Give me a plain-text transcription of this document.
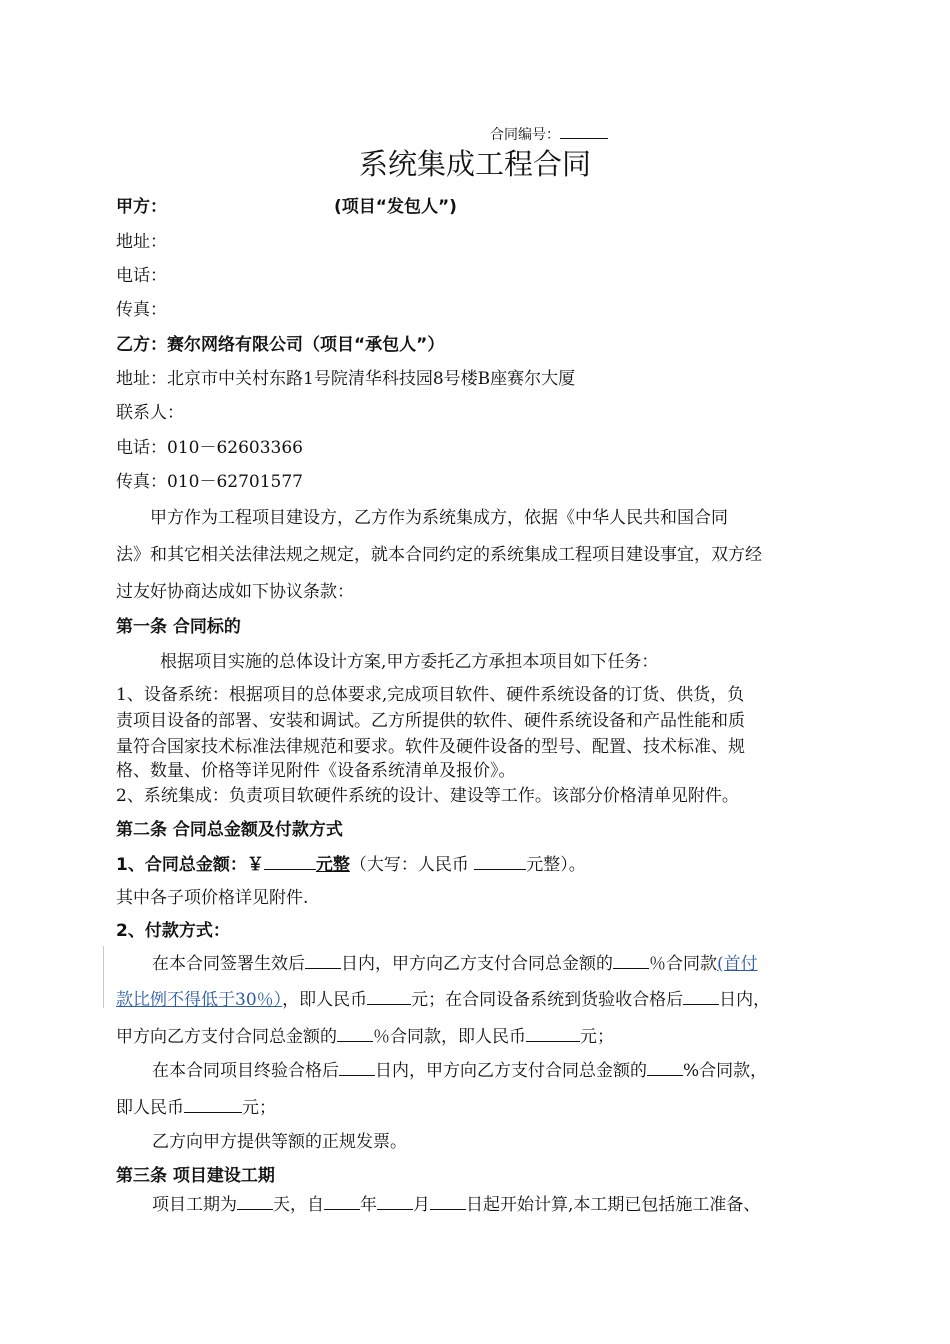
合同编号：
系统集成工程合同
甲方：	(项目“发包人”)
地址：
电话：
传真：
乙方：赛尔网络有限公司（项目“承包人”）
地址：北京市中关村东路1号院清华科技园8号楼B座赛尔大厦
联系人：
电话：010－62603366
传真：010－62701577
甲方作为工程项目建设方，乙方作为系统集成方，依据《中华人民共和国合同
法》和其它相关法律法规之规定，就本合同约定的系统集成工程项目建设事宜，双方经
过友好协商达成如下协议条款：
第一条 合同标的
根据项目实施的总体设计方案,甲方委托乙方承担本项目如下任务：
1、设备系统：根据项目的总体要求,完成项目软件、硬件系统设备的订货、供货，负
责项目设备的部署、安装和调试。乙方所提供的软件、硬件系统设备和产品性能和质
量符合国家技术标准法律规范和要求。软件及硬件设备的型号、配置、技术标准、规
格、数量、价格等详见附件《设备系统清单及报价》。
2、系统集成：负责项目软硬件系统的设计、建设等工作。该部分价格清单见附件。
第二条 合同总金额及付款方式
1、合同总金额：￥	元整（大写：人民币	元整）。
其中各子项价格详见附件.
2、付款方式：
在本合同签署生效后 日内，甲方向乙方支付合同总金额的 ％合同款(首付
款比例不得低于30％），即人民币	元；在合同设备系统到货验收合格后 日内，
甲方向乙方支付合同总金额的 ％合同款，即人民币	元；
在本合同项目终验合格后 日内，甲方向乙方支付合同总金额的 %合同款，
即人民币	元；
乙方向甲方提供等额的正规发票。
第三条 项目建设工期
项目工期为 天，自 年 月 日起开始计算,本工期已包括施工准备、
